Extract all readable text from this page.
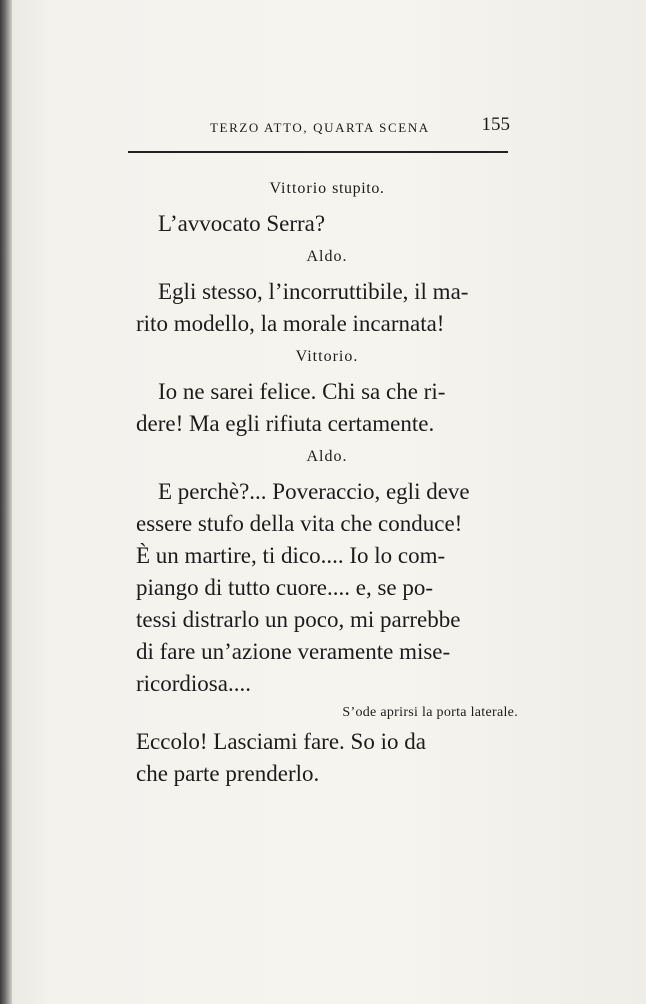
TERZO ATTO, QUARTA SCENA	155
Vittorio stupito.
L’avvocato Serra?
Aldo.
Egli stesso, l’incorruttibile, il ma-
rito modello, la morale incarnata!
Vittorio.
Io ne sarei felice. Chi sa che ri-
dere! Ma egli rifiuta certamente.
Aldo.
E perchè?... Poveraccio, egli deve
essere stufo della vita che conduce!
È un martire, ti dico.... Io lo com-
piango di tutto cuore.... e, se po-
tessi distrarlo un poco, mi parrebbe
di fare un’azione veramente mise-
ricordiosa....
S’ode aprirsi la porta laterale.
Eccolo! Lasciami fare. So io da
che parte prenderlo.
